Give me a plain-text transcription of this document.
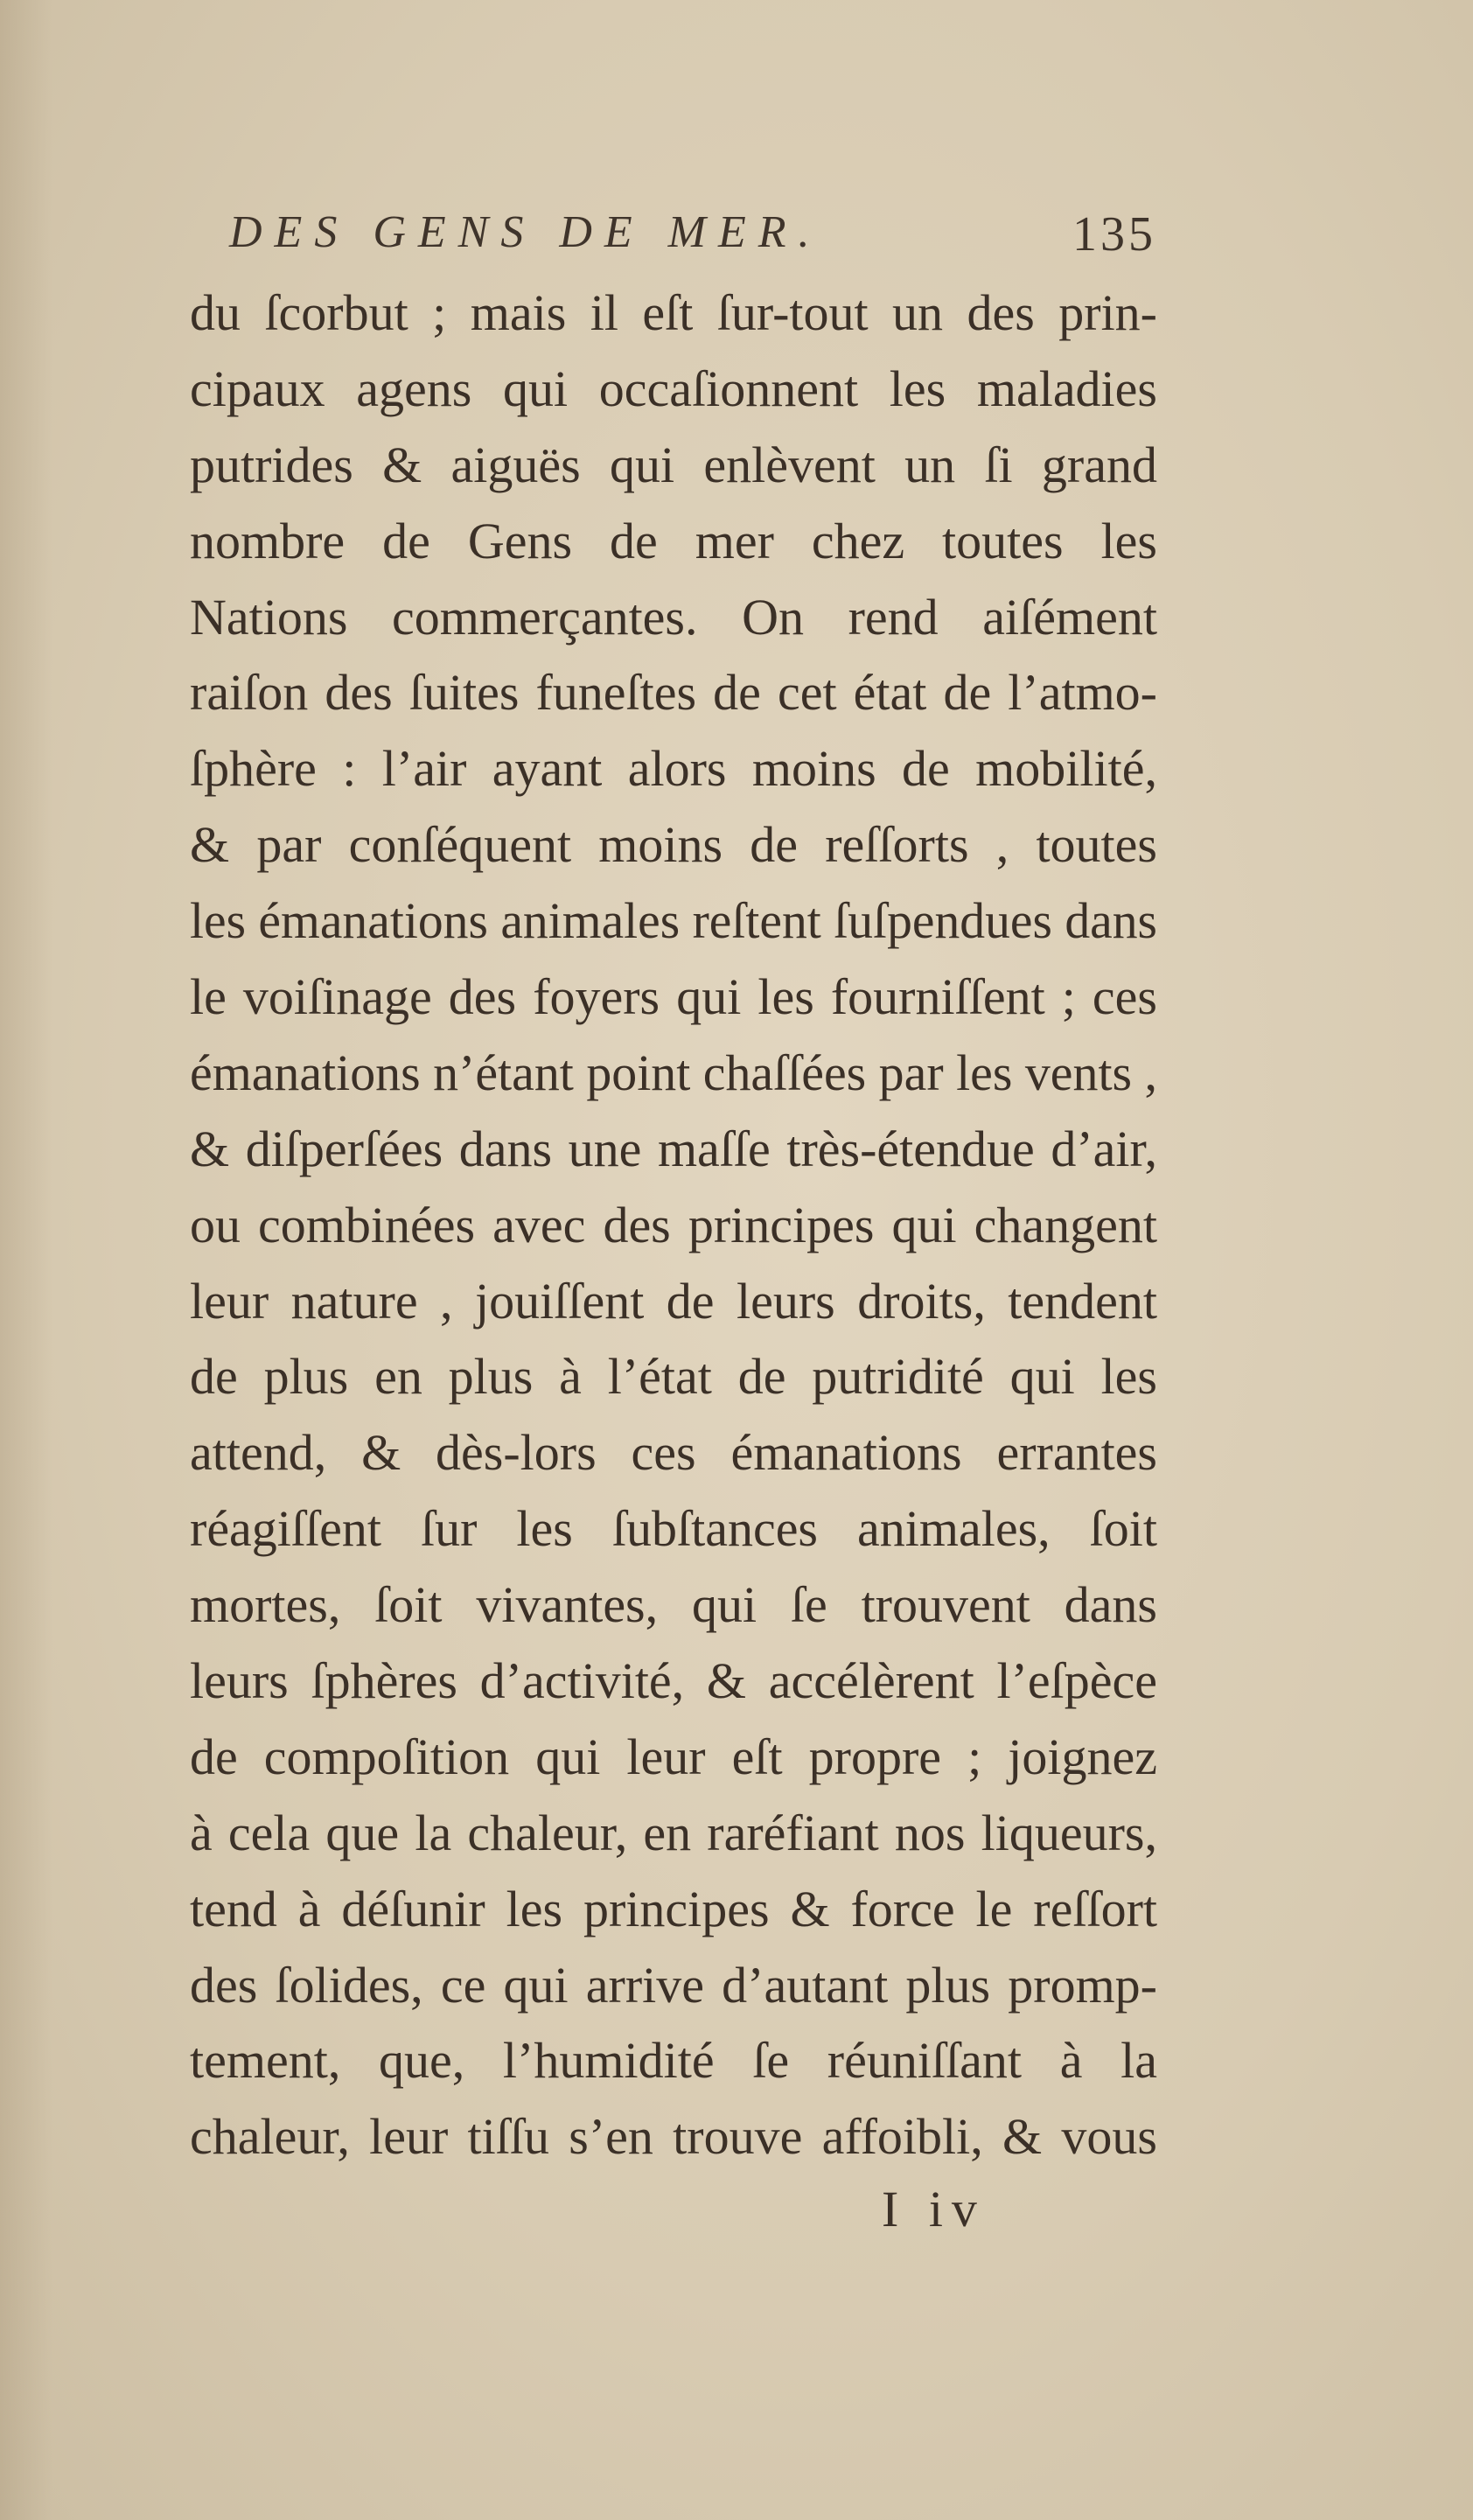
DES GENS DE MER.	135
du ſcorbut ; mais il eſt ſur-tout un des prin-
cipaux agens qui occaſionnent les maladies
putrides & aiguës qui enlèvent un ſi grand
nombre de Gens de mer chez toutes les
Nations commerçantes. On rend aiſément
raiſon des ſuites funeſtes de cet état de l’atmo-
ſphère : l’air ayant alors moins de mobilité,
& par conſéquent moins de reſſorts , toutes
les émanations animales reſtent ſuſpendues dans
le voiſinage des foyers qui les fourniſſent ; ces
émanations n’étant point chaſſées par les vents ,
& diſperſées dans une maſſe très-étendue d’air,
ou combinées avec des principes qui changent
leur nature , jouiſſent de leurs droits, tendent
de plus en plus à l’état de putridité qui les
attend, & dès-lors ces émanations errantes
réagiſſent ſur les ſubſtances animales, ſoit
mortes, ſoit vivantes, qui ſe trouvent dans
leurs ſphères d’activité, & accélèrent l’eſpèce
de compoſition qui leur eſt propre ; joignez
à cela que la chaleur, en raréfiant nos liqueurs,
tend à déſunir les principes & force le reſſort
des ſolides, ce qui arrive d’autant plus promp-
tement, que, l’humidité ſe réuniſſant à la
chaleur, leur tiſſu s’en trouve affoibli, & vous
I iv
